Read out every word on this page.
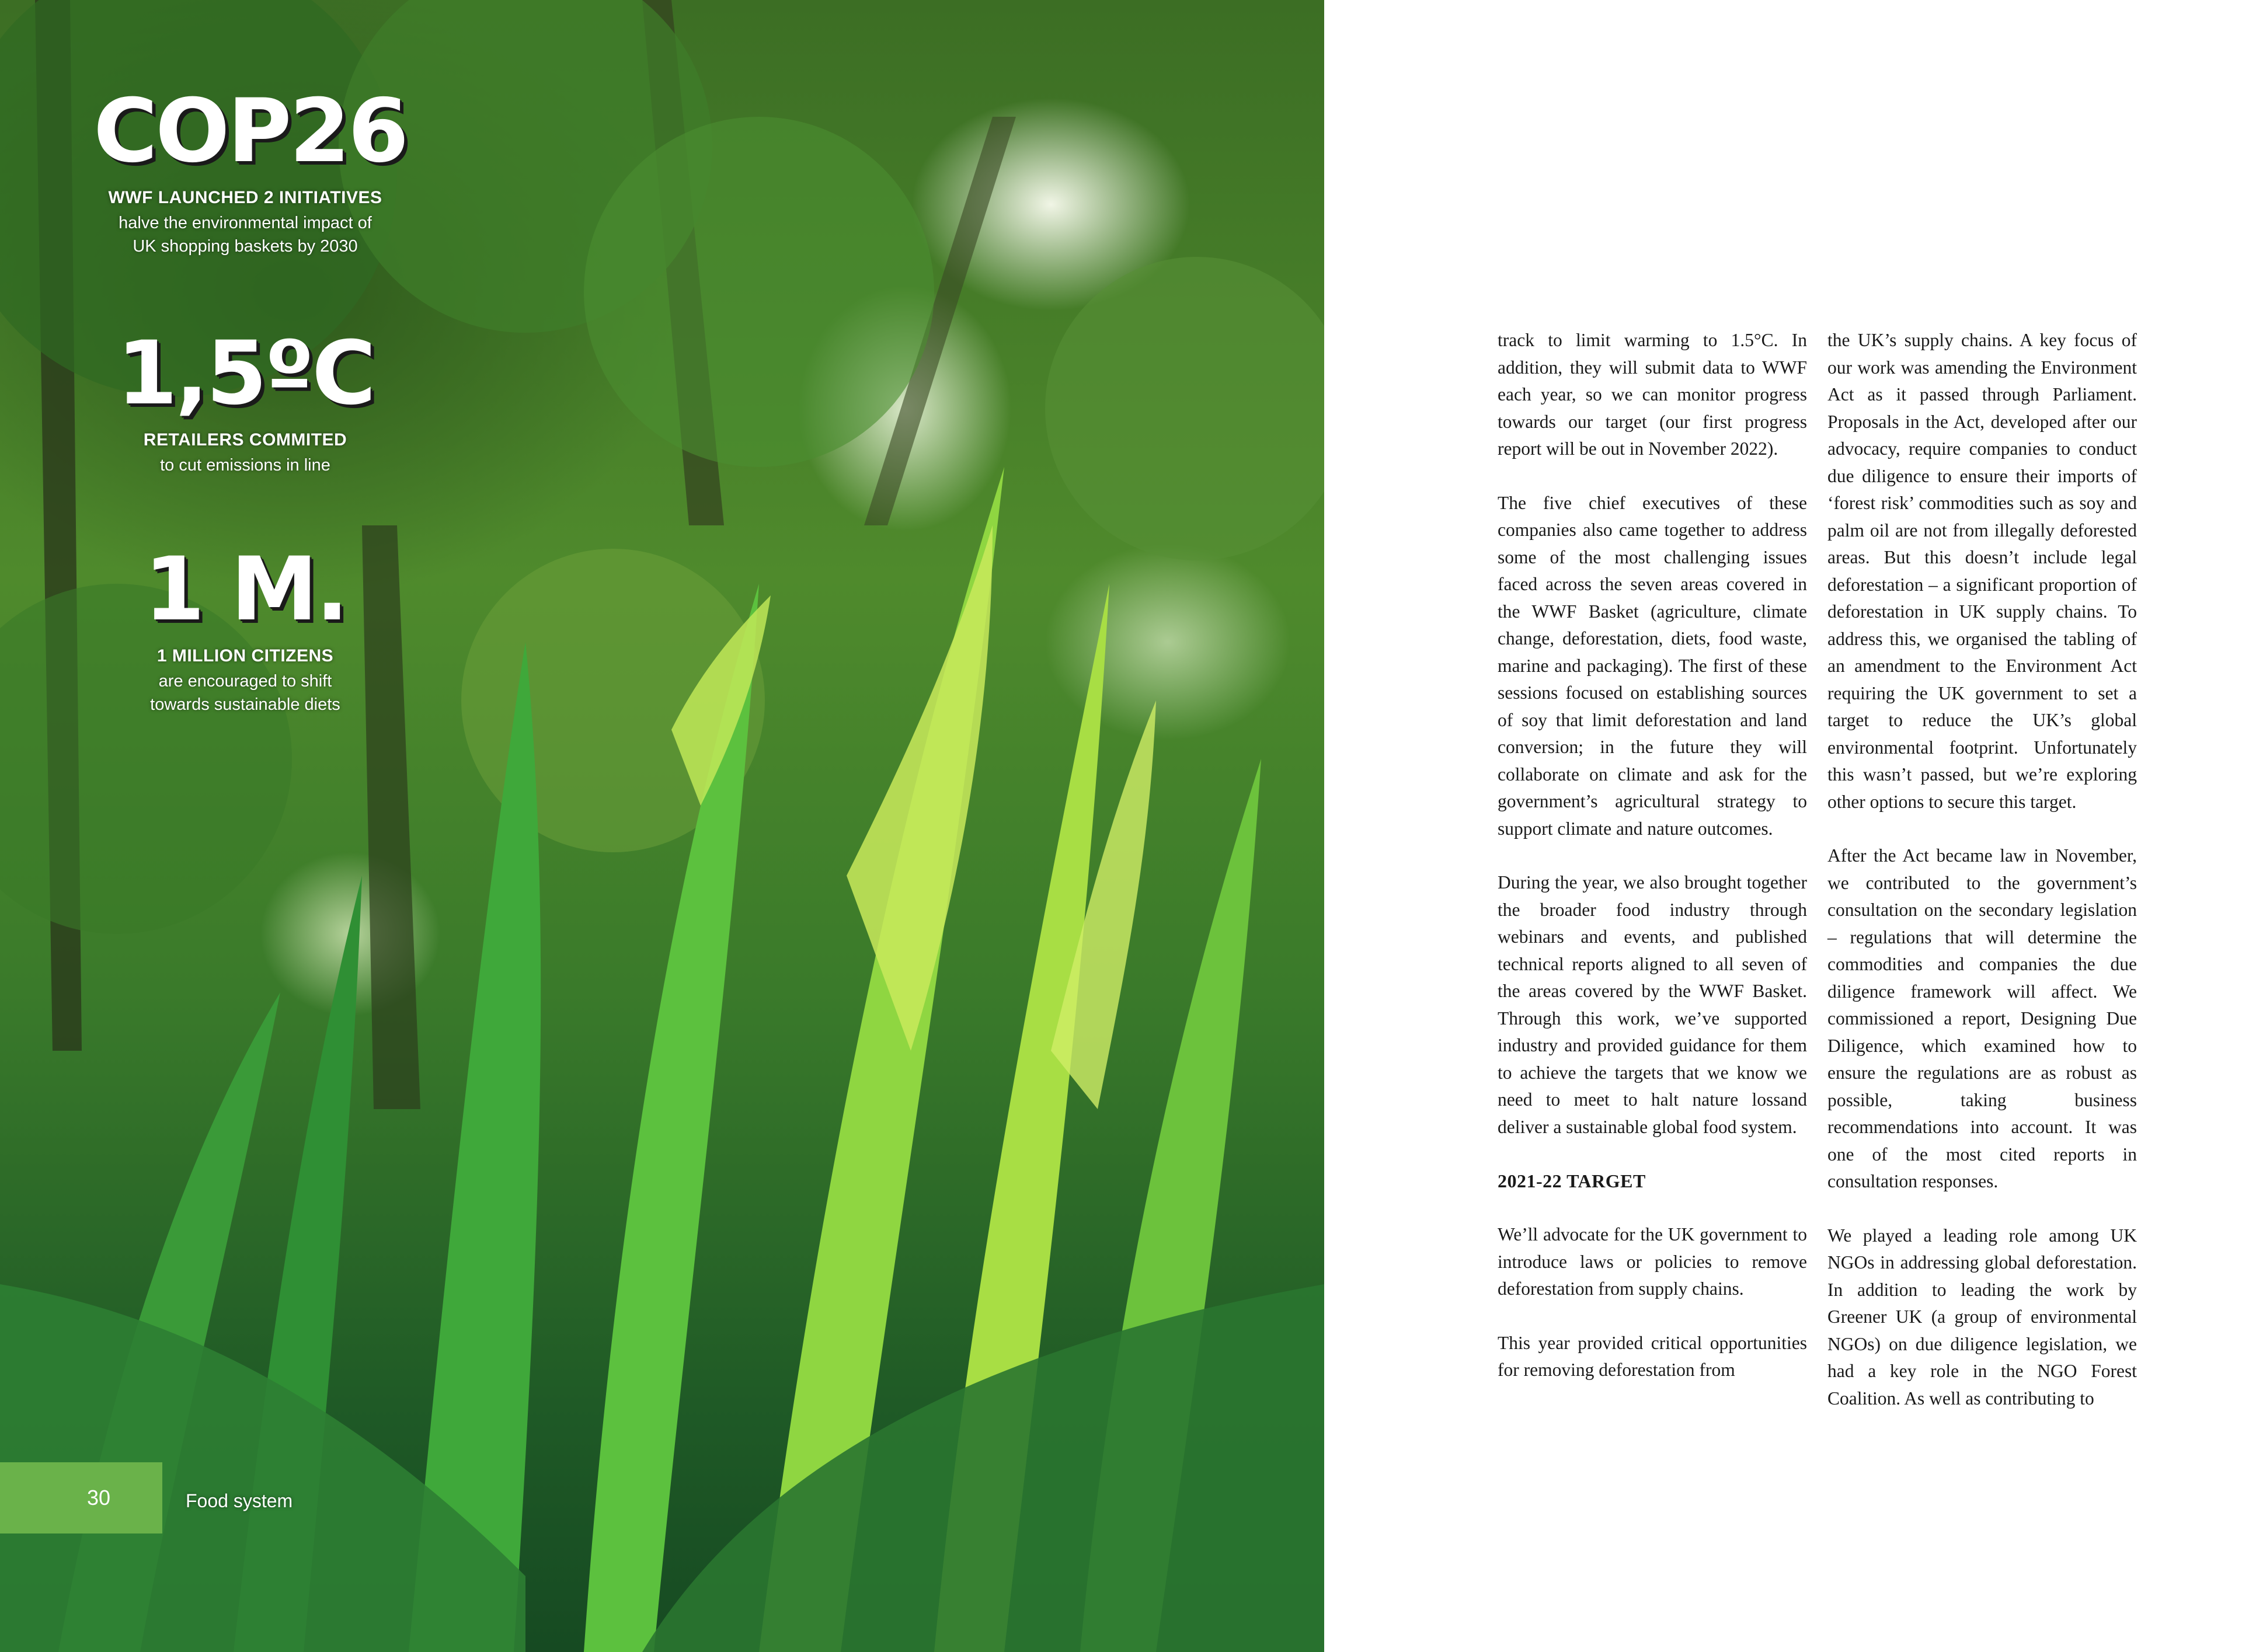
COP26
WWF LAUNCHED 2 INITIATIVES
halve the environmental impact of
UK shopping baskets by 2030
1,5ºC
RETAILERS COMMITED
to cut emissions in line
1 M.
1 MILLION CITIZENS
are encouraged to shift
towards sustainable diets
30	Food system

track to limit warming to 1.5°C. In addition, they will submit data to WWF each year, so we can monitor progress towards our target (our first progress report will be out in November 2022).

The five chief executives of these companies also came together to address some of the most challenging issues faced across the seven areas covered in the WWF Basket (agriculture, climate change, deforestation, diets, food waste, marine and packaging). The first of these sessions focused on establishing sources of soy that limit deforestation and land conversion; in the future they will collaborate on climate and ask for the government’s agricultural strategy to support climate and nature outcomes.

During the year, we also brought together the broader food industry through webinars and events, and published technical reports aligned to all seven of the areas covered by the WWF Basket. Through this work, we’ve supported industry and provided guidance for them to achieve the targets that we know we need to meet to halt nature lossand deliver a sustainable global food system.

2021-22 TARGET

We’ll advocate for the UK government to introduce laws or policies to remove deforestation from supply chains.

This year provided critical opportunities for removing deforestation from

the UK’s supply chains. A key focus of our work was amending the Environment Act as it passed through Parliament. Proposals in the Act, developed after our advocacy, require companies to conduct due diligence to ensure their imports of ‘forest risk’ commodities such as soy and palm oil are not from illegally deforested areas. But this doesn’t include legal deforestation – a significant proportion of deforestation in UK supply chains. To address this, we organised the tabling of an amendment to the Environment Act requiring the UK government to set a target to reduce the UK’s global environmental footprint. Unfortunately this wasn’t passed, but we’re exploring other options to secure this target.

After the Act became law in November, we contributed to the government’s consultation on the secondary legislation – regulations that will determine the commodities and companies the due diligence framework will affect. We commissioned a report, Designing Due Diligence, which examined how to ensure the regulations are as robust as possible, taking business recommendations into account. It was one of the most cited reports in consultation responses.

We played a leading role among UK NGOs in addressing global deforestation. In addition to leading the work by Greener UK (a group of environmental NGOs) on due diligence legislation, we had a key role in the NGO Forest Coalition. As well as contributing to
